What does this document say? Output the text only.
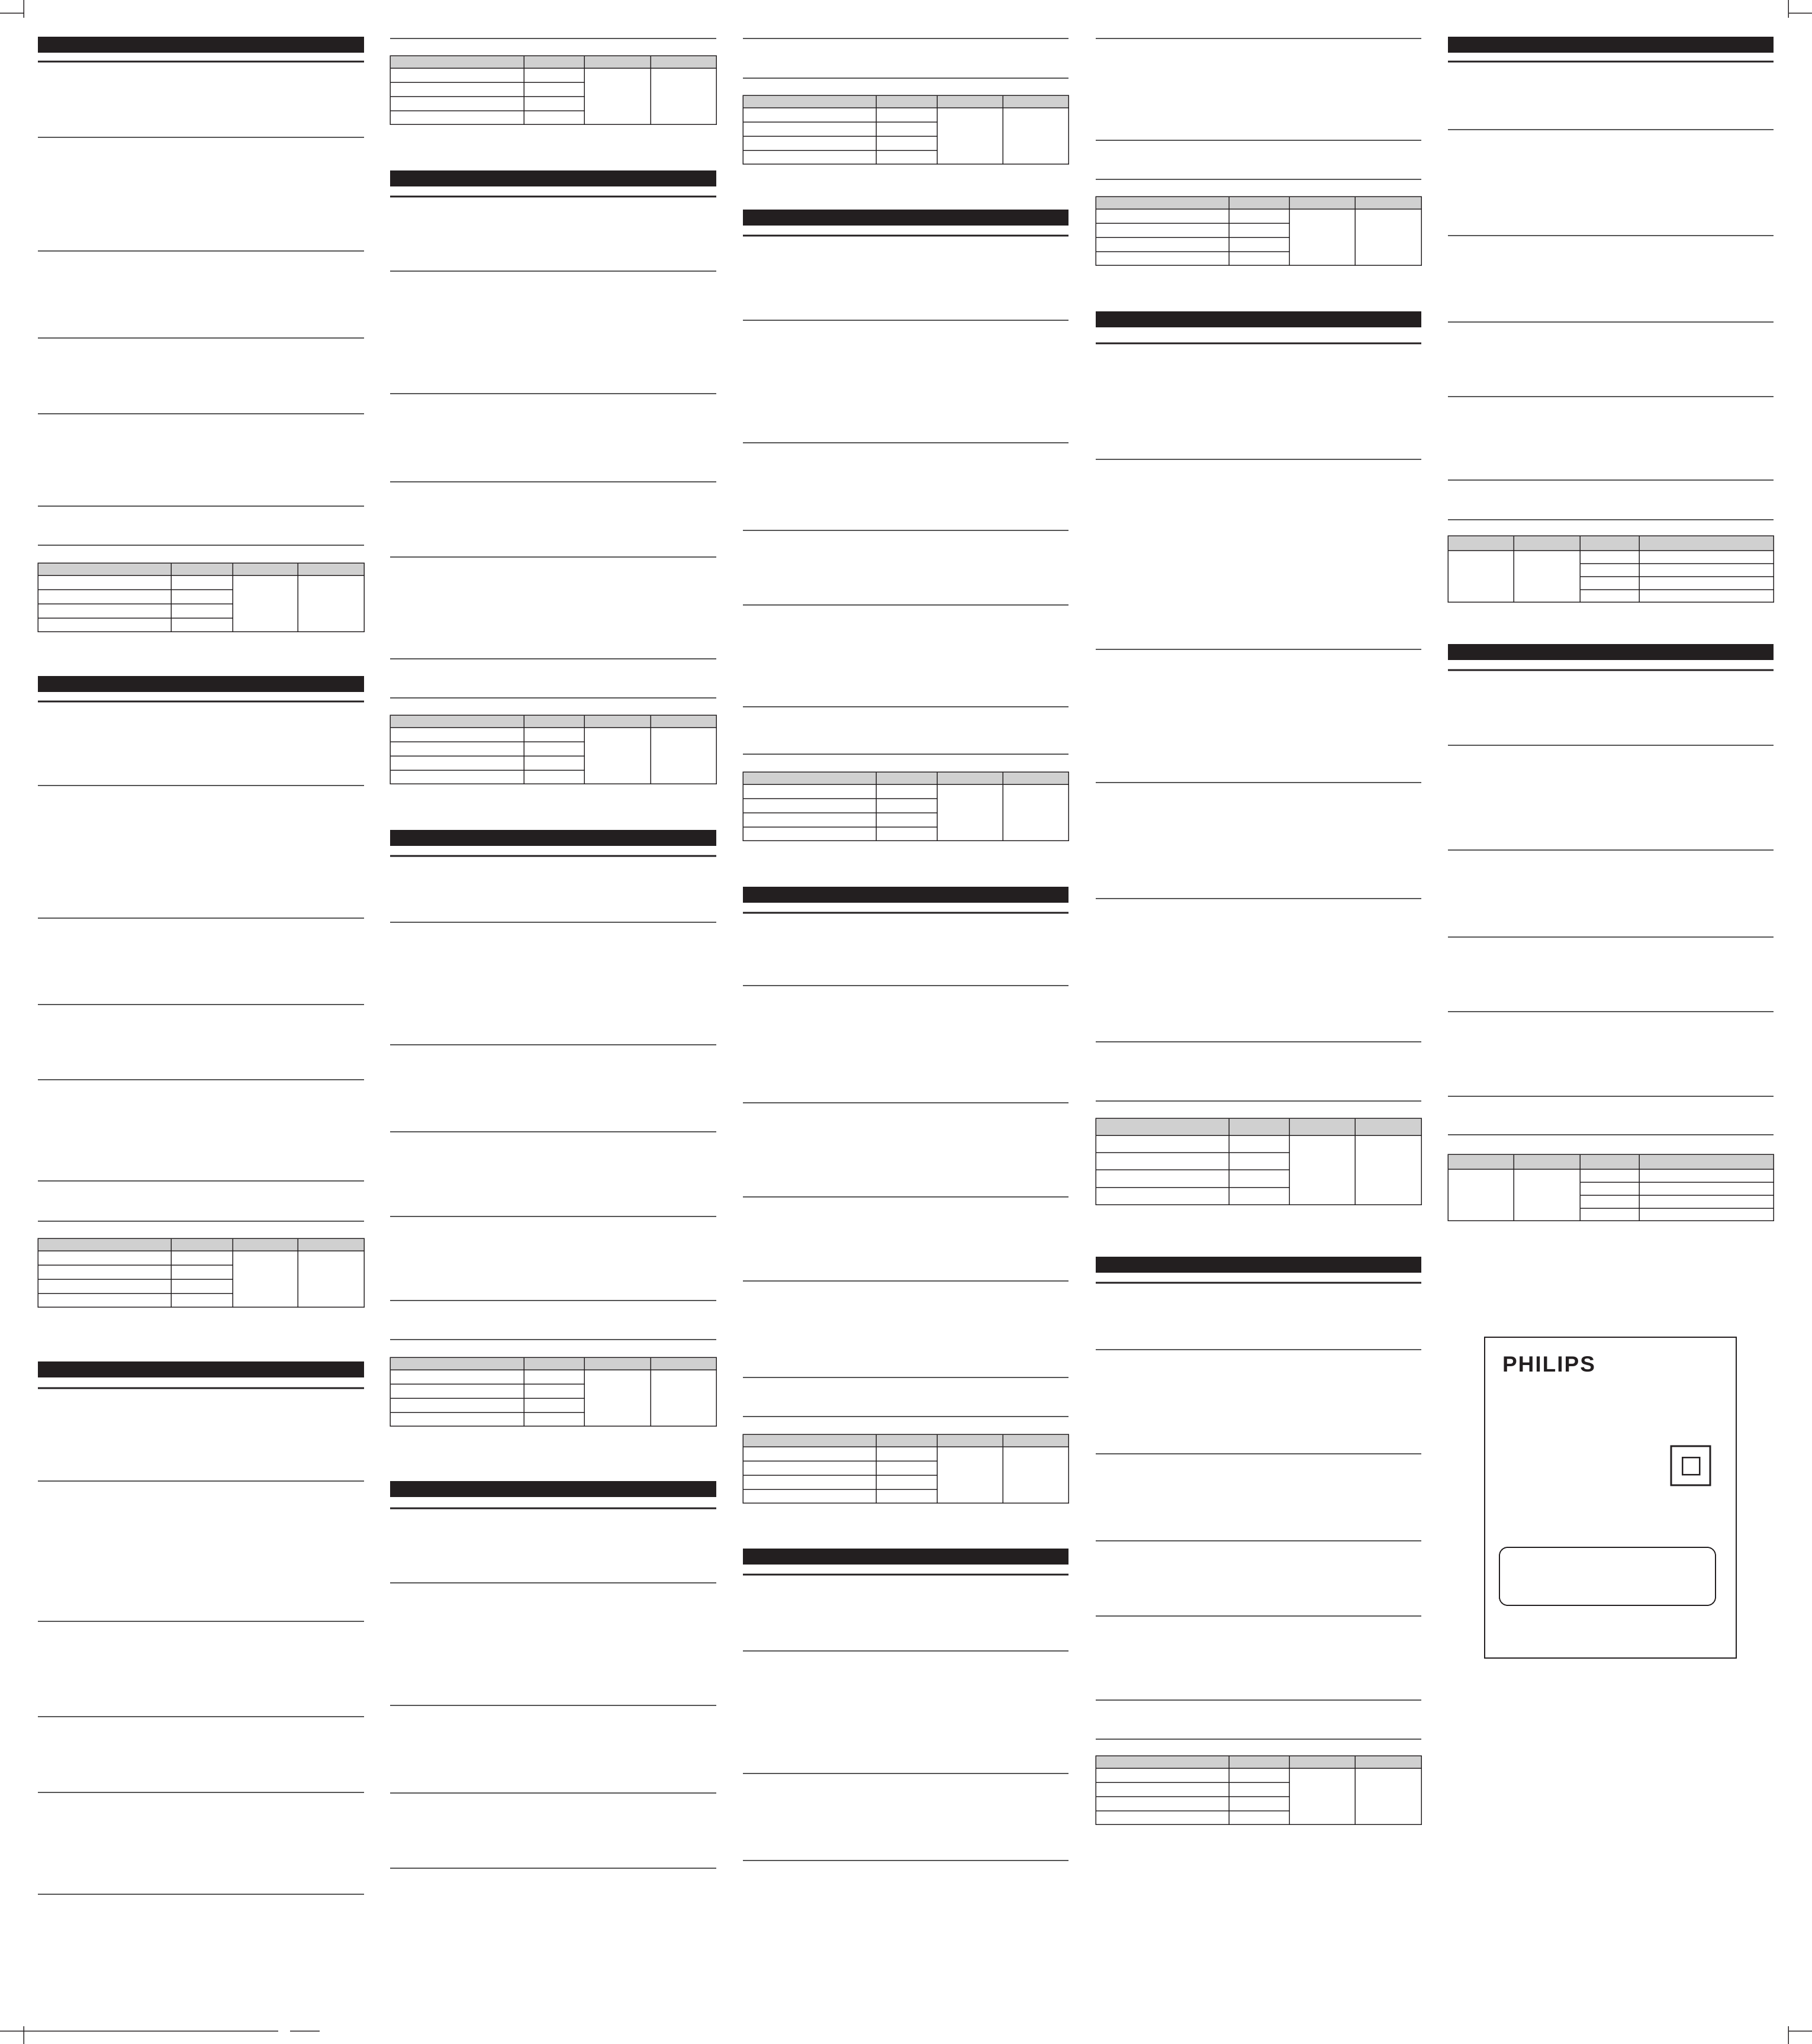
PHILIPS
